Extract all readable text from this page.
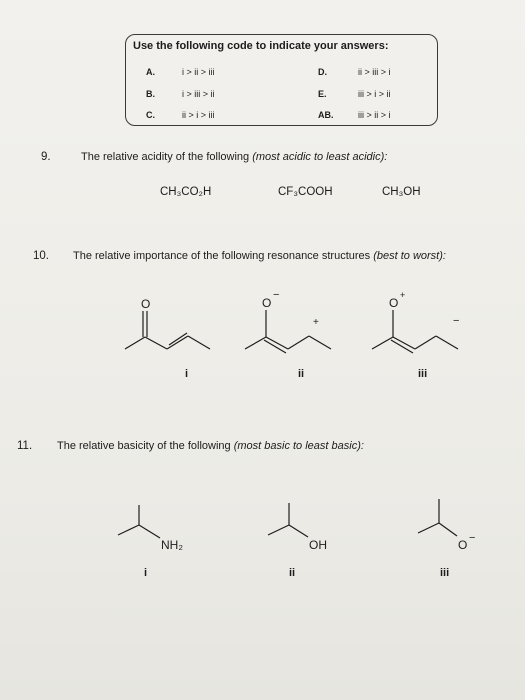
Use the following code to indicate your answers:
A.	i > ii > iii
B.	i > iii > ii
C.	ii > i > iii
D.	ii > iii > i
E.	iii > i > ii
AB.	iii > ii > i
9.	The relative acidity of the following (most acidic to least acidic):
CH₃CO₂H	CF₃COOH	CH₃OH
10. The relative importance of the following resonance structures (best to worst):
O	O
−
+
O
+
−
i	ii	iii
11. The relative basicity of the following (most basic to least basic):
NH₂	OH	O −
i	ii	iii
